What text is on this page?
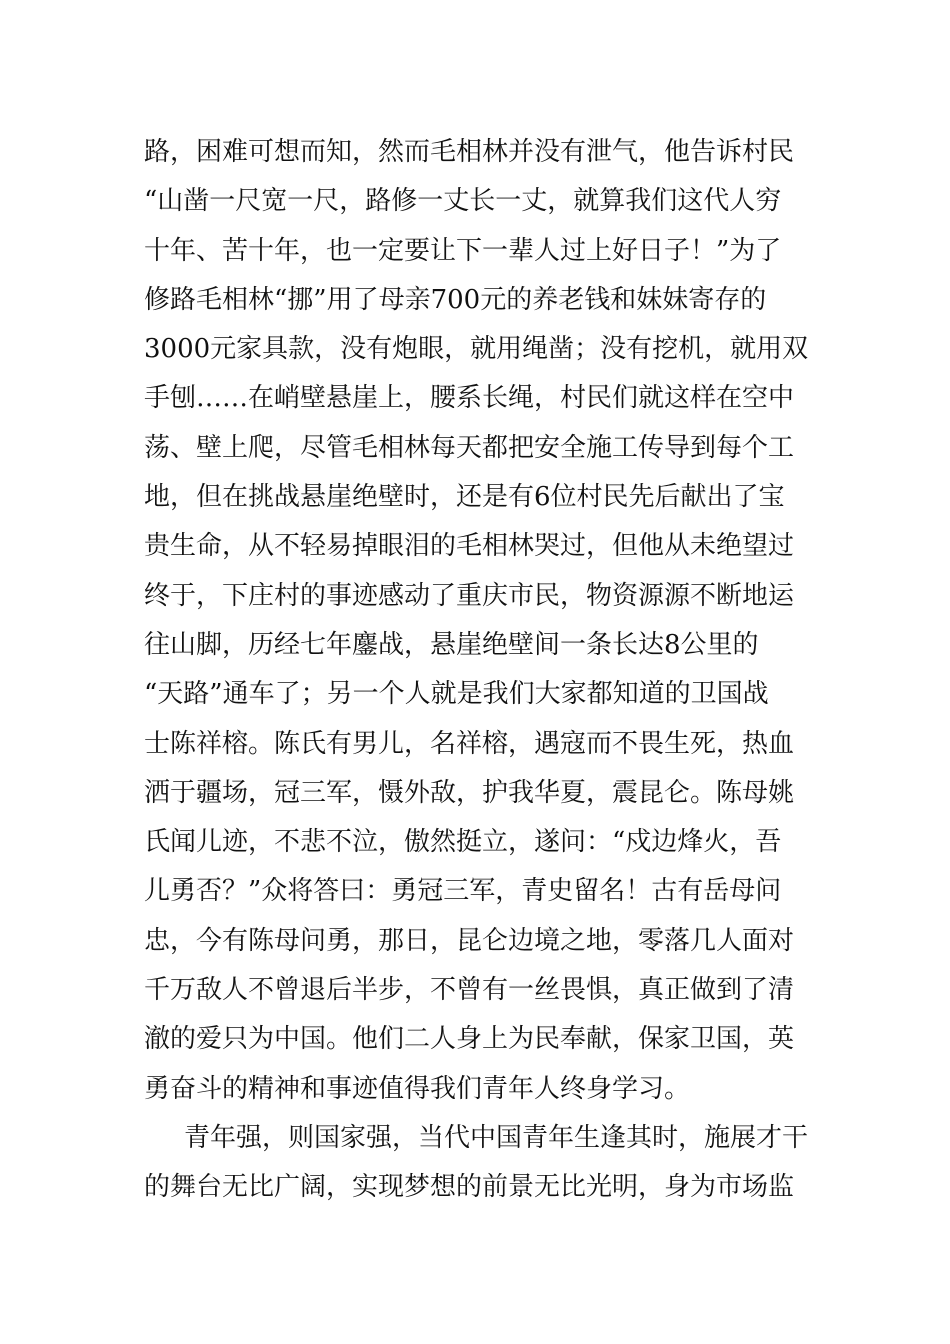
路，困难可想而知，然而毛相林并没有泄气，他告诉村民
“山凿一尺宽一尺，路修一丈长一丈，就算我们这代人穷
十年、苦十年，也一定要让下一辈人过上好日子！”为了
修路毛相林“挪”用了母亲700元的养老钱和妹妹寄存的
3000元家具款，没有炮眼，就用绳凿；没有挖机，就用双
手刨……在峭壁悬崖上，腰系长绳，村民们就这样在空中
荡、壁上爬，尽管毛相林每天都把安全施工传导到每个工
地，但在挑战悬崖绝壁时，还是有6位村民先后献出了宝
贵生命，从不轻易掉眼泪的毛相林哭过，但他从未绝望过
终于，下庄村的事迹感动了重庆市民，物资源源不断地运
往山脚，历经七年鏖战，悬崖绝壁间一条长达8公里的
“天路”通车了；另一个人就是我们大家都知道的卫国战
士陈祥榕。陈氏有男儿，名祥榕，遇寇而不畏生死，热血
洒于疆场，冠三军，慑外敌，护我华夏，震昆仑。陈母姚
氏闻儿迹，不悲不泣，傲然挺立，遂问：“戍边烽火，吾
儿勇否？”众将答曰：勇冠三军，青史留名！古有岳母问
忠，今有陈母问勇，那日，昆仑边境之地，零落几人面对
千万敌人不曾退后半步，不曾有一丝畏惧，真正做到了清
澈的爱只为中国。他们二人身上为民奉献，保家卫国，英
勇奋斗的精神和事迹值得我们青年人终身学习。
青年强，则国家强，当代中国青年生逢其时，施展才干
的舞台无比广阔，实现梦想的前景无比光明，身为市场监
